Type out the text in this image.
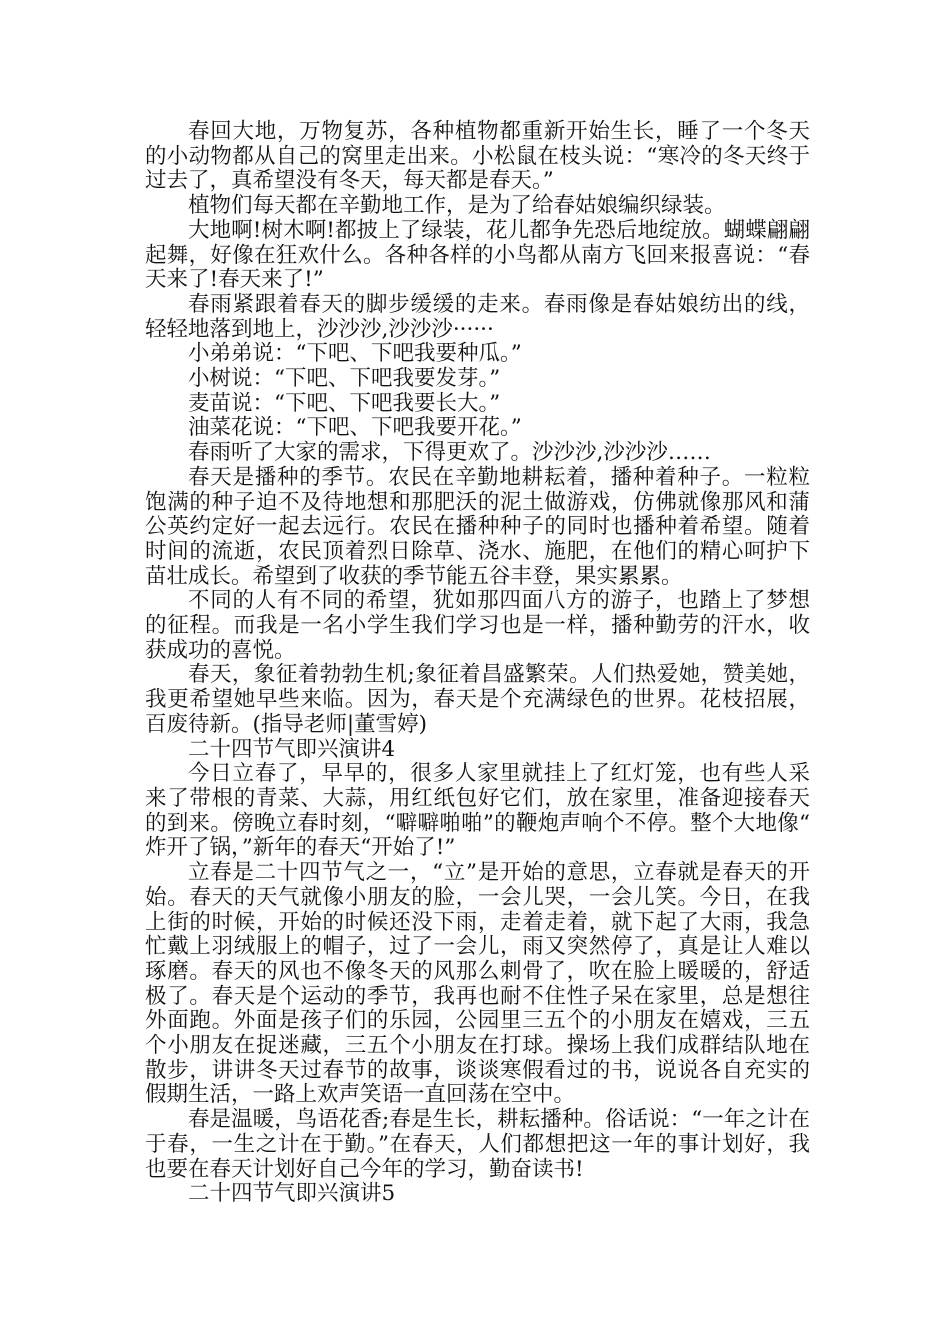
春回大地，万物复苏，各种植物都重新开始生长，睡了一个冬天的小动物都从自己的窝里走出来。小松鼠在枝头说：“寒冷的冬天终于过去了，真希望没有冬天，每天都是春天。”

植物们每天都在辛勤地工作，是为了给春姑娘编织绿装。

大地啊!树木啊!都披上了绿装，花儿都争先恐后地绽放。蝴蝶翩翩起舞，好像在狂欢什么。各种各样的小鸟都从南方飞回来报喜说：“春天来了!春天来了!”

春雨紧跟着春天的脚步缓缓的走来。春雨像是春姑娘纺出的线，轻轻地落到地上，沙沙沙,沙沙沙······

小弟弟说：“下吧、下吧我要种瓜。”

小树说：“下吧、下吧我要发芽。”

麦苗说：“下吧、下吧我要长大。”

油菜花说：“下吧、下吧我要开花。”

春雨听了大家的需求，下得更欢了。沙沙沙,沙沙沙……

春天是播种的季节。农民在辛勤地耕耘着，播种着种子。一粒粒饱满的种子迫不及待地想和那肥沃的泥土做游戏，仿佛就像那风和蒲公英约定好一起去远行。农民在播种种子的同时也播种着希望。随着时间的流逝，农民顶着烈日除草、浇水、施肥，在他们的精心呵护下苗壮成长。希望到了收获的季节能五谷丰登，果实累累。

不同的人有不同的希望，犹如那四面八方的游子，也踏上了梦想的征程。而我是一名小学生我们学习也是一样，播种勤劳的汗水，收获成功的喜悦。

春天，象征着勃勃生机;象征着昌盛繁荣。人们热爱她，赞美她，我更希望她早些来临。因为，春天是个充满绿色的世界。花枝招展，百废待新。(指导老师|董雪婷)

二十四节气即兴演讲4

今日立春了，早早的，很多人家里就挂上了红灯笼，也有些人采来了带根的青菜、大蒜，用红纸包好它们，放在家里，准备迎接春天的到来。傍晚立春时刻，“噼噼啪啪”的鞭炮声响个不停。整个大地像“炸开了锅，”新年的春天“开始了!”

立春是二十四节气之一，“立”是开始的意思，立春就是春天的开始。春天的天气就像小朋友的脸，一会儿哭，一会儿笑。今日，在我上街的时候，开始的时候还没下雨，走着走着，就下起了大雨，我急忙戴上羽绒服上的帽子，过了一会儿，雨又突然停了，真是让人难以琢磨。春天的风也不像冬天的风那么刺骨了，吹在脸上暖暖的，舒适极了。春天是个运动的季节，我再也耐不住性子呆在家里，总是想往外面跑。外面是孩子们的乐园，公园里三五个的小朋友在嬉戏，三五个小朋友在捉迷藏，三五个小朋友在打球。操场上我们成群结队地在散步，讲讲冬天过春节的故事，谈谈寒假看过的书，说说各自充实的假期生活，一路上欢声笑语一直回荡在空中。

春是温暖，鸟语花香;春是生长，耕耘播种。俗话说：“一年之计在于春，一生之计在于勤。”在春天，人们都想把这一年的事计划好，我也要在春天计划好自己今年的学习，勤奋读书!

二十四节气即兴演讲5
